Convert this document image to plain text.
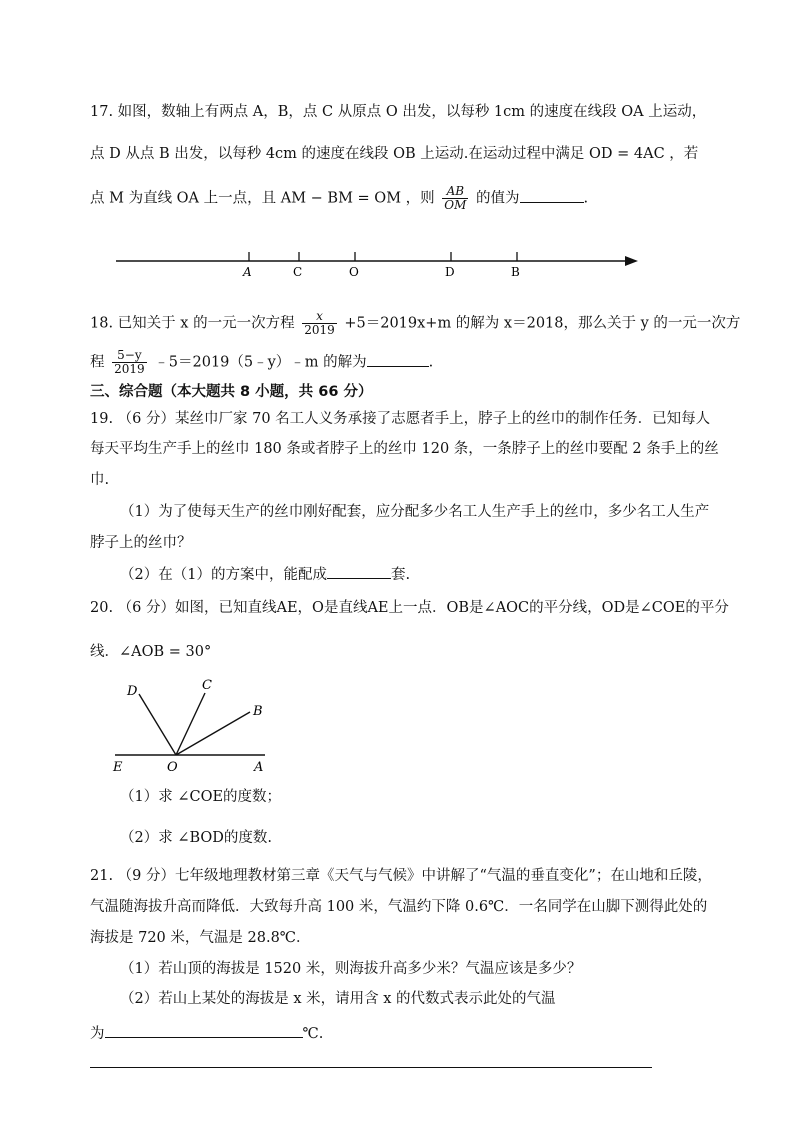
17. 如图，数轴上有两点 A，B，点 C 从原点 O 出发，以每秒 1cm 的速度在线段 OA 上运动，
点 D 从点 B 出发，以每秒 4cm 的速度在线段 OB 上运动.在运动过程中满足 OD = 4AC ，若
点 M 为直线 OA 上一点，且 AM − BM = OM ，则 $\frac{AB}{OM}$ 的值为	.
A	C	O	D	B
18. 已知关于 x 的一元一次方程 $\frac{x}{2019} +5=2019x+m$ 的解为 x＝2018，那么关于 y 的一元一次方
程 $\frac{5-y}{2019}$ ﹣5＝2019（5﹣y）﹣m 的解为	.
三、综合题（本大题共 8 小题，共 66 分）
19. （6 分）某丝巾厂家 70 名工人义务承接了志愿者手上，脖子上的丝巾的制作任务．已知每人
每天平均生产手上的丝巾 180 条或者脖子上的丝巾 120 条，一条脖子上的丝巾要配 2 条手上的丝
巾.
（1）为了使每天生产的丝巾刚好配套，应分配多少名工人生产手上的丝巾，多少名工人生产
脖子上的丝巾？
（2）在（1）的方案中，能配成	套.
20. （6 分）如图，已知直线AE，O是直线AE上一点．OB是∠AOC的平分线，OD是∠COE的平分
线．∠AOB = 30°
D	C
B
E	O	A
（1）求 ∠COE的度数；
（2）求 ∠BOD的度数.
21. （9 分）七年级地理教材第三章《天气与气候》中讲解了“气温的垂直变化”；在山地和丘陵，
气温随海拔升高而降低．大致每升高 100 米，气温约下降 0.6℃．一名同学在山脚下测得此处的
海拔是 720 米，气温是 28.8℃．
（1）若山顶的海拔是 1520 米，则海拔升高多少米？气温应该是多少？
（2）若山上某处的海拔是 x 米，请用含 x 的代数式表示此处的气温
为	℃.
